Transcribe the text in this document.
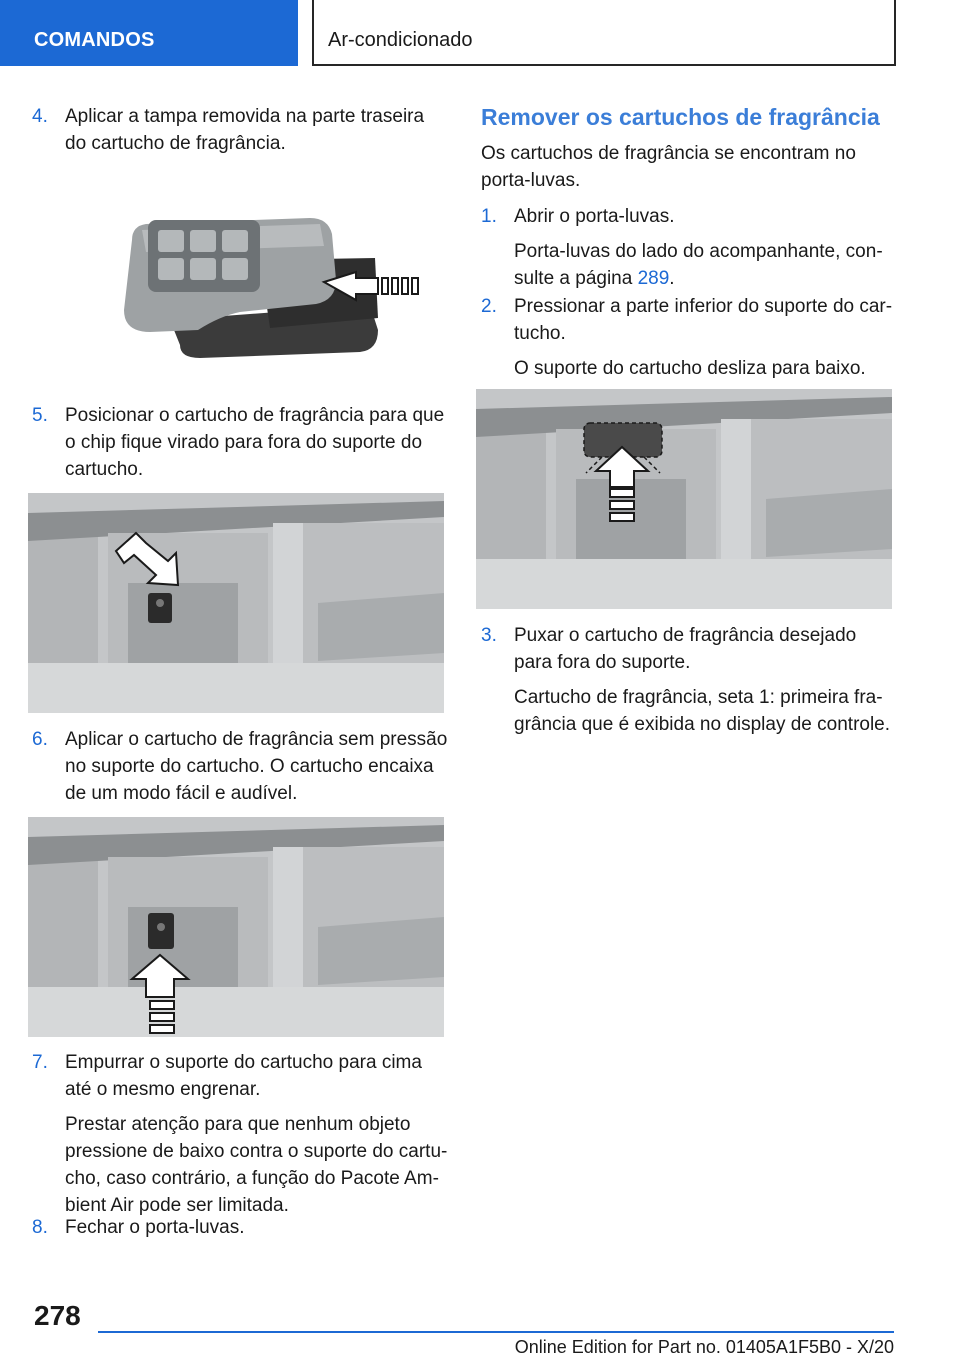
COMANDOS	Ar-condicionado
4. Aplicar a tampa removida na parte traseira do cartucho de fragrância.
5. Posicionar o cartucho de fragrância para que o chip fique virado para fora do suporte do cartucho.
6. Aplicar o cartucho de fragrância sem pressão no suporte do cartucho. O cartucho encaixa de um modo fácil e audível.
7. Empurrar o suporte do cartucho para cima até o mesmo engrenar.
Prestar atenção para que nenhum objeto pressione de baixo contra o suporte do cartucho, caso contrário, a função do Pacote Ambient Air pode ser limitada.
8. Fechar o porta-luvas.
Remover os cartuchos de fragrância
Os cartuchos de fragrância se encontram no porta-luvas.
1. Abrir o porta-luvas.
Porta-luvas do lado do acompanhante, consulte a página 289.
2. Pressionar a parte inferior do suporte do cartucho.
O suporte do cartucho desliza para baixo.
3. Puxar o cartucho de fragrância desejado para fora do suporte.
Cartucho de fragrância, seta 1: primeira fragrância que é exibida no display de controle.
278
Online Edition for Part no. 01405A1F5B0 - X/20
